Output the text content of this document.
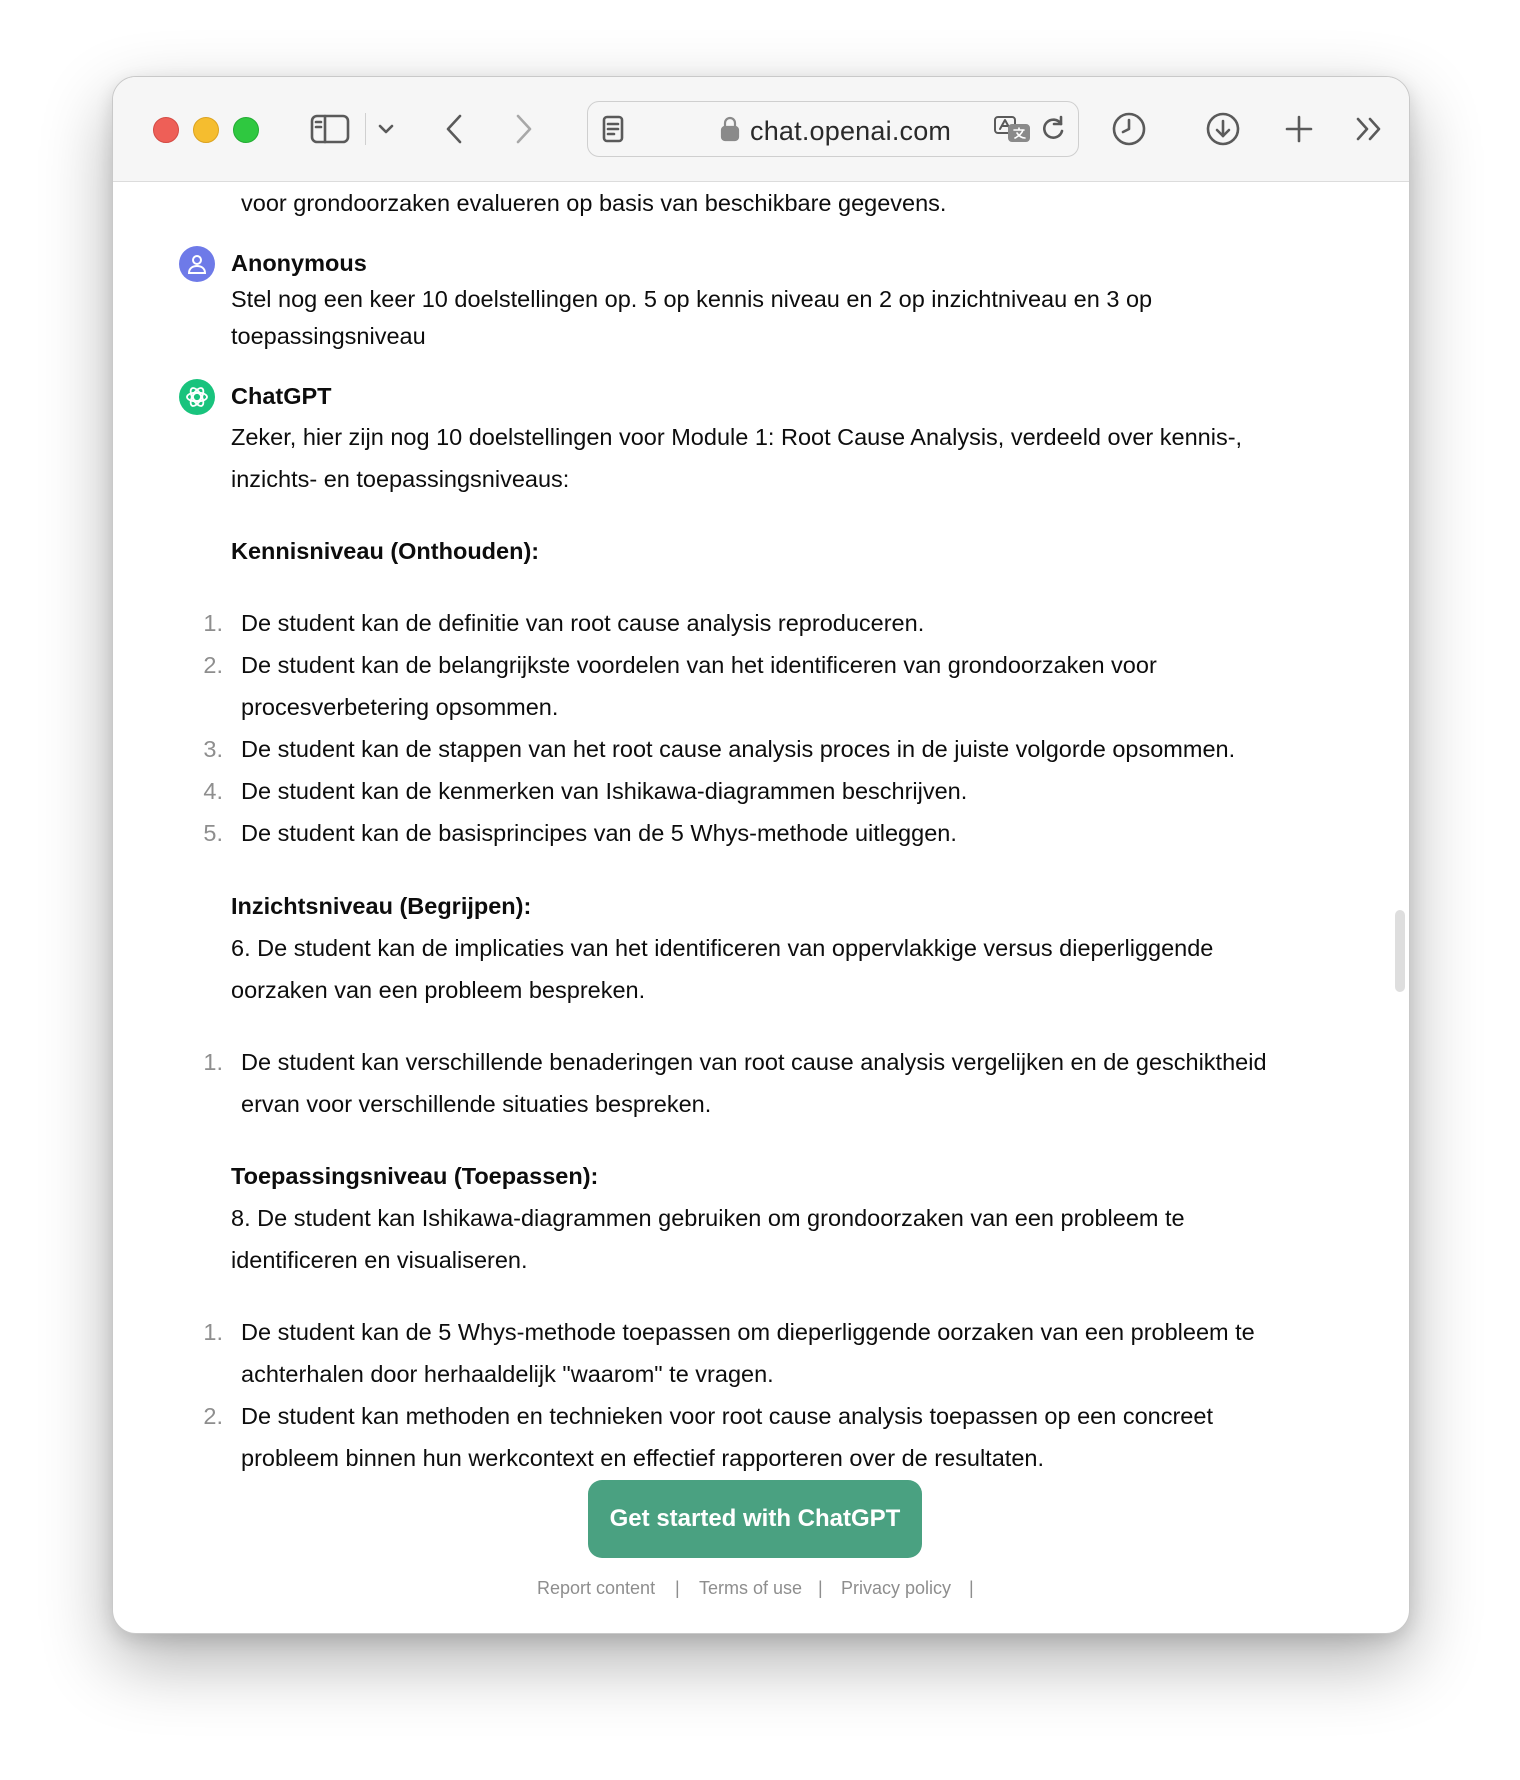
chat.openai.com
voor grondoorzaken evalueren op basis van beschikbare gegevens.
Anonymous
Stel nog een keer 10 doelstellingen op. 5 op kennis niveau en 2 op inzichtniveau en 3 op
toepassingsniveau
ChatGPT
Zeker, hier zijn nog 10 doelstellingen voor Module 1: Root Cause Analysis, verdeeld over kennis-,
inzichts- en toepassingsniveaus:
Kennisniveau (Onthouden):
1. De student kan de definitie van root cause analysis reproduceren.
2. De student kan de belangrijkste voordelen van het identificeren van grondoorzaken voor
procesverbetering opsommen.
3. De student kan de stappen van het root cause analysis proces in de juiste volgorde opsommen.
4. De student kan de kenmerken van Ishikawa-diagrammen beschrijven.
5. De student kan de basisprincipes van de 5 Whys-methode uitleggen.
Inzichtsniveau (Begrijpen):
6. De student kan de implicaties van het identificeren van oppervlakkige versus dieperliggende
oorzaken van een probleem bespreken.
1. De student kan verschillende benaderingen van root cause analysis vergelijken en de geschiktheid
ervan voor verschillende situaties bespreken.
Toepassingsniveau (Toepassen):
8. De student kan Ishikawa-diagrammen gebruiken om grondoorzaken van een probleem te
identificeren en visualiseren.
1. De student kan de 5 Whys-methode toepassen om dieperliggende oorzaken van een probleem te
achterhalen door herhaaldelijk "waarom" te vragen.
2. De student kan methoden en technieken voor root cause analysis toepassen op een concreet
probleem binnen hun werkcontext en effectief rapporteren over de resultaten.
Get started with ChatGPT
Report content | Terms of use | Privacy policy |
